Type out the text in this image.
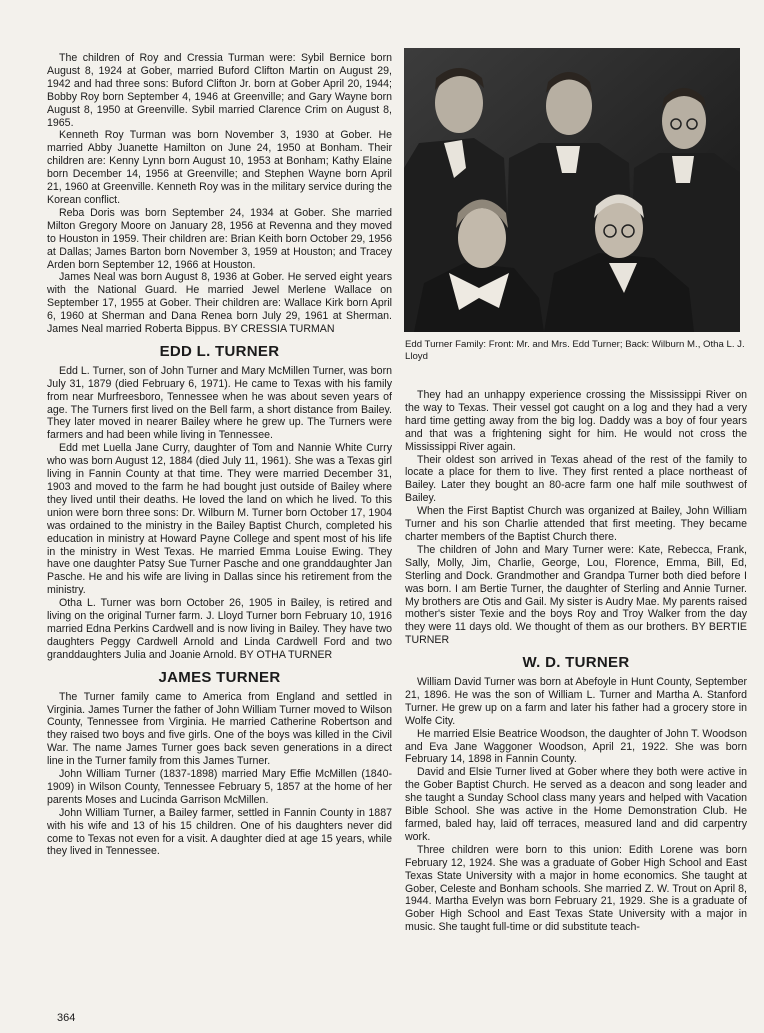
The children of Roy and Cressia Turman were: Sybil Bernice born August 8, 1924 at Gober, married Buford Clifton Martin on August 29, 1942 and had three sons: Buford Clifton Jr. born at Gober April 20, 1944; Bobby Roy born September 4, 1946 at Greenville; and Gary Wayne born August 8, 1950 at Greenville. Sybil married Clarence Crim on August 8, 1965.

Kenneth Roy Turman was born November 3, 1930 at Gober. He married Abby Juanette Hamilton on June 24, 1950 at Bonham. Their children are: Kenny Lynn born August 10, 1953 at Bonham; Kathy Elaine born December 14, 1956 at Greenville; and Stephen Wayne born April 21, 1960 at Greenville. Kenneth Roy was in the military service during the Korean conflict.

Reba Doris was born September 24, 1934 at Gober. She married Milton Gregory Moore on January 28, 1956 at Revenna and they moved to Houston in 1959. Their children are: Brian Keith born October 29, 1956 at Dallas; James Barton born November 3, 1959 at Houston; and Tracey Arden born September 12, 1966 at Houston.

James Neal was born August 8, 1936 at Gober. He served eight years with the National Guard. He married Jewel Merlene Wallace on September 17, 1955 at Gober. Their children are: Wallace Kirk born April 6, 1960 at Sherman and Dana Renea born July 29, 1961 at Sherman. James Neal married Roberta Bippus. BY CRESSIA TURMAN

EDD L. TURNER

Edd L. Turner, son of John Turner and Mary McMillen Turner, was born July 31, 1879 (died February 6, 1971). He came to Texas with his family from near Murfreesboro, Tennessee when he was about seven years of age. The Turners first lived on the Bell farm, a short distance from Bailey. They later moved in nearer Bailey where he grew up. The Turners were farmers and had been while living in Tennessee.

Edd met Luella Jane Curry, daughter of Tom and Nannie White Curry who was born August 12, 1884 (died July 11, 1961). She was a Texas girl living in Fannin County at that time. They were married December 31, 1903 and moved to the farm he had bought just outside of Bailey where they lived until their deaths. He loved the land on which he lived. To this union were born three sons: Dr. Wilburn M. Turner born October 17, 1904 was ordained to the ministry in the Bailey Baptist Church, completed his education in ministry at Howard Payne College and spent most of his life in the ministry in West Texas. He married Emma Louise Ewing. They have one daughter Patsy Sue Turner Pasche and one granddaughter Jan Pasche. He and his wife are living in Dallas since his retirement from the ministry.

Otha L. Turner was born October 26, 1905 in Bailey, is retired and living on the original Turner farm. J. Lloyd Turner born February 10, 1916 married Edna Perkins Cardwell and is now living in Bailey. They have two daughters Peggy Cardwell Arnold and Linda Cardwell Ford and two granddaughters Julia and Joanie Arnold. BY OTHA TURNER

JAMES TURNER

The Turner family came to America from England and settled in Virginia. James Turner the father of John William Turner moved to Wilson County, Tennessee from Virginia. He married Catherine Robertson and they raised two boys and five girls. One of the boys was killed in the Civil War. The name James Turner goes back seven generations in a direct line in the Turner family from this James Turner.

John William Turner (1837-1898) married Mary Effie McMillen (1840-1909) in Wilson County, Tennessee February 5, 1857 at the home of her parents Moses and Lucinda Garrison McMillen.

John William Turner, a Bailey farmer, settled in Fannin County in 1887 with his wife and 13 of his 15 children. One of his daughters never did come to Texas not even for a visit. A daughter died at age 15 years, while they lived in Tennessee.

Edd Turner Family: Front: Mr. and Mrs. Edd Turner; Back: Wilburn M., Otha L. J. Lloyd

They had an unhappy experience crossing the Mississippi River on the way to Texas. Their vessel got caught on a log and they had a very hard time getting away from the big log. Daddy was a boy of four years and that was a frightening sight for him. He would not cross the Mississippi River again.

Their oldest son arrived in Texas ahead of the rest of the family to locate a place for them to live. They first rented a place northeast of Bailey. Later they bought an 80-acre farm one half mile southwest of Bailey.

When the First Baptist Church was organized at Bailey, John William Turner and his son Charlie attended that first meeting. They became charter members of the Baptist Church there.

The children of John and Mary Turner were: Kate, Rebecca, Frank, Sally, Molly, Jim, Charlie, George, Lou, Florence, Emma, Bill, Ed, Sterling and Dock. Grandmother and Grandpa Turner both died before I was born. I am Bertie Turner, the daughter of Sterling and Annie Turner. My brothers are Otis and Gail. My sister is Audry Mae. My parents raised mother's sister Texie and the boys Roy and Troy Walker from the day they were 11 days old. We thought of them as our brothers. BY BERTIE TURNER

W. D. TURNER

William David Turner was born at Abefoyle in Hunt County, September 21, 1896. He was the son of William L. Turner and Martha A. Stanford Turner. He grew up on a farm and later his father had a grocery store in Wolfe City.

He married Elsie Beatrice Woodson, the daughter of John T. Woodson and Eva Jane Waggoner Woodson, April 21, 1922. She was born February 14, 1898 in Fannin County.

David and Elsie Turner lived at Gober where they both were active in the Gober Baptist Church. He served as a deacon and song leader and she taught a Sunday School class many years and helped with Vacation Bible School. She was active in the Home Demonstration Club. He farmed, baled hay, laid off terraces, measured land and did carpentry work.

Three children were born to this union: Edith Lorene was born February 12, 1924. She was a graduate of Gober High School and East Texas State University with a major in home economics. She taught at Gober, Celeste and Bonham schools. She married Z. W. Trout on April 8, 1944. Martha Evelyn was born February 21, 1929. She is a graduate of Gober High School and East Texas State University with a major in music. She taught full-time or did substitute teach-

364
